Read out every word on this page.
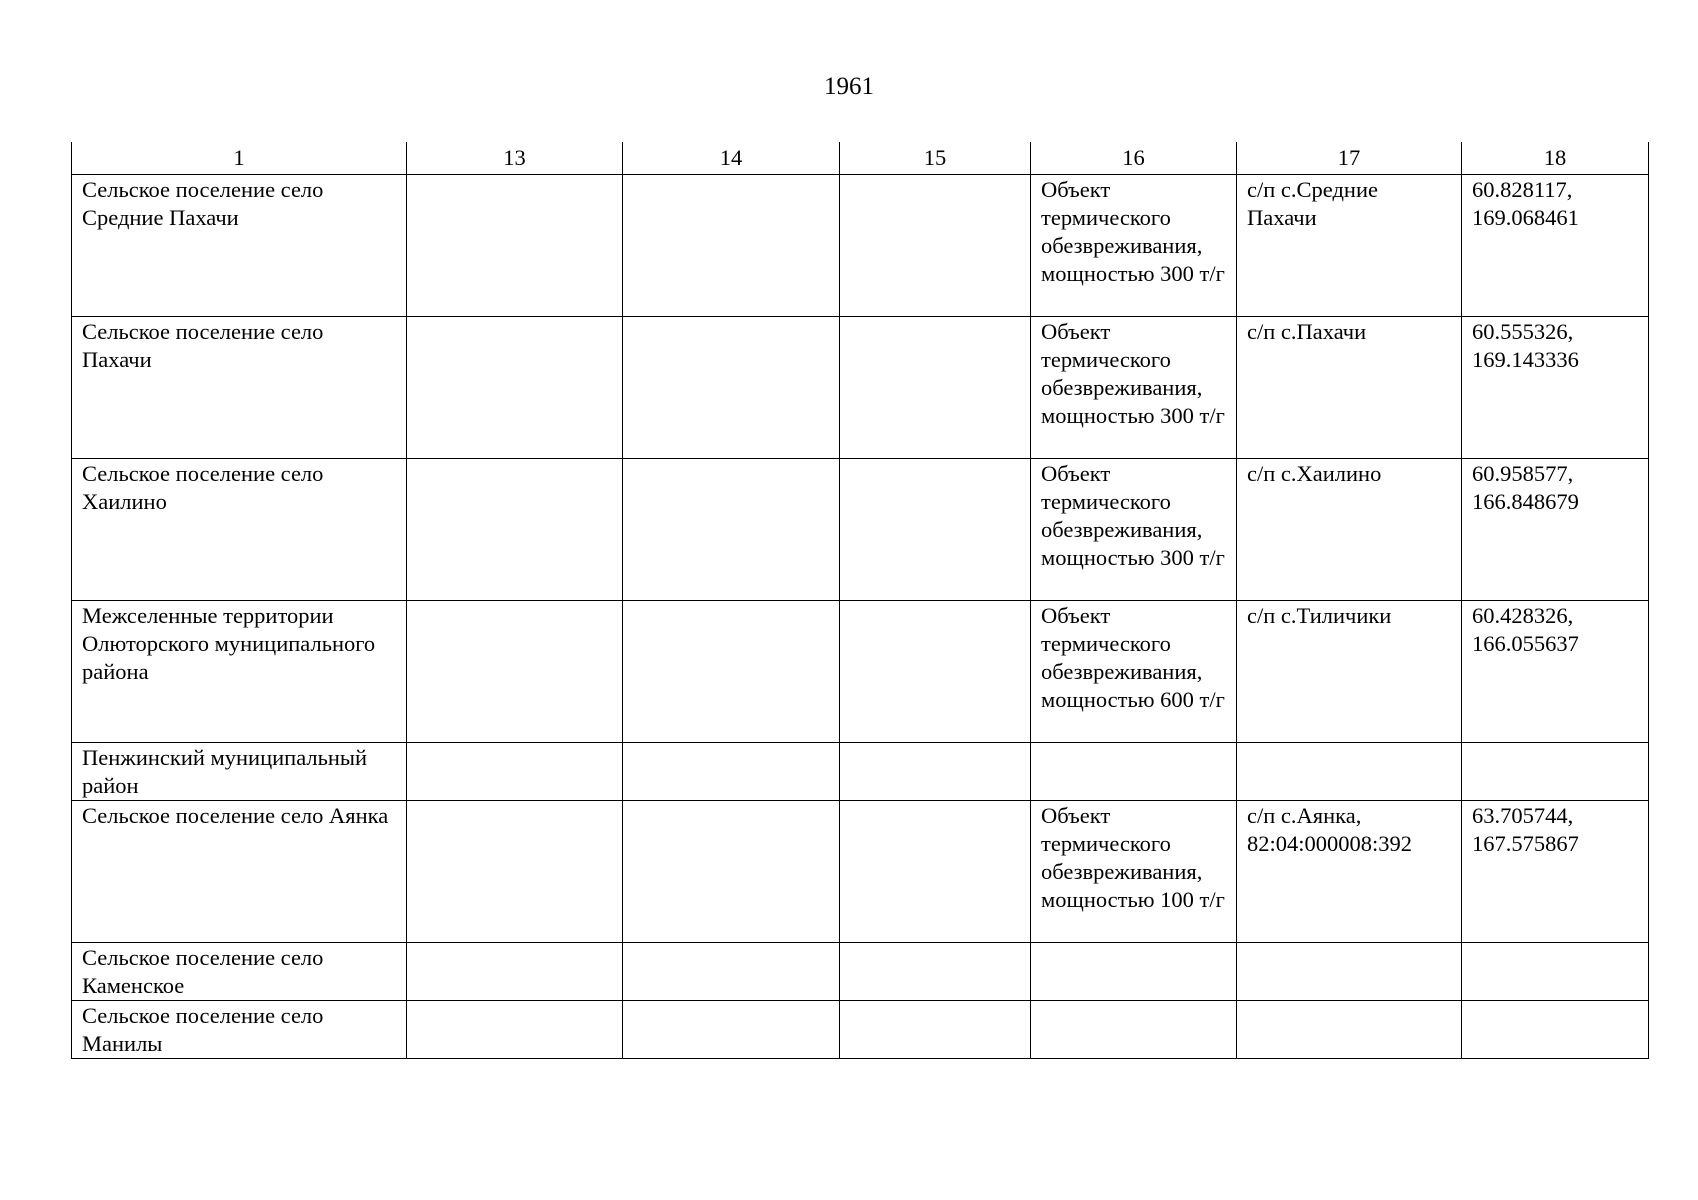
1961
1	13	14	15	16	17	18
Сельское поселение село Средние Пахачи				Объект термического обезвреживания, мощностью 300 т/г	с/п с.Средние Пахачи	60.828117, 169.068461
Сельское поселение село Пахачи				Объект термического обезвреживания, мощностью 300 т/г	с/п с.Пахачи	60.555326, 169.143336
Сельское поселение село Хаилино				Объект термического обезвреживания, мощностью 300 т/г	с/п с.Хаилино	60.958577, 166.848679
Межселенные территории Олюторского муниципального района				Объект термического обезвреживания, мощностью 600 т/г	с/п с.Тиличики	60.428326, 166.055637
Пенжинский муниципальный район						
Сельское поселение село Аянка				Объект термического обезвреживания, мощностью 100 т/г	с/п с.Аянка, 82:04:000008:392	63.705744, 167.575867
Сельское поселение село Каменское						
Сельское поселение село Манилы						
